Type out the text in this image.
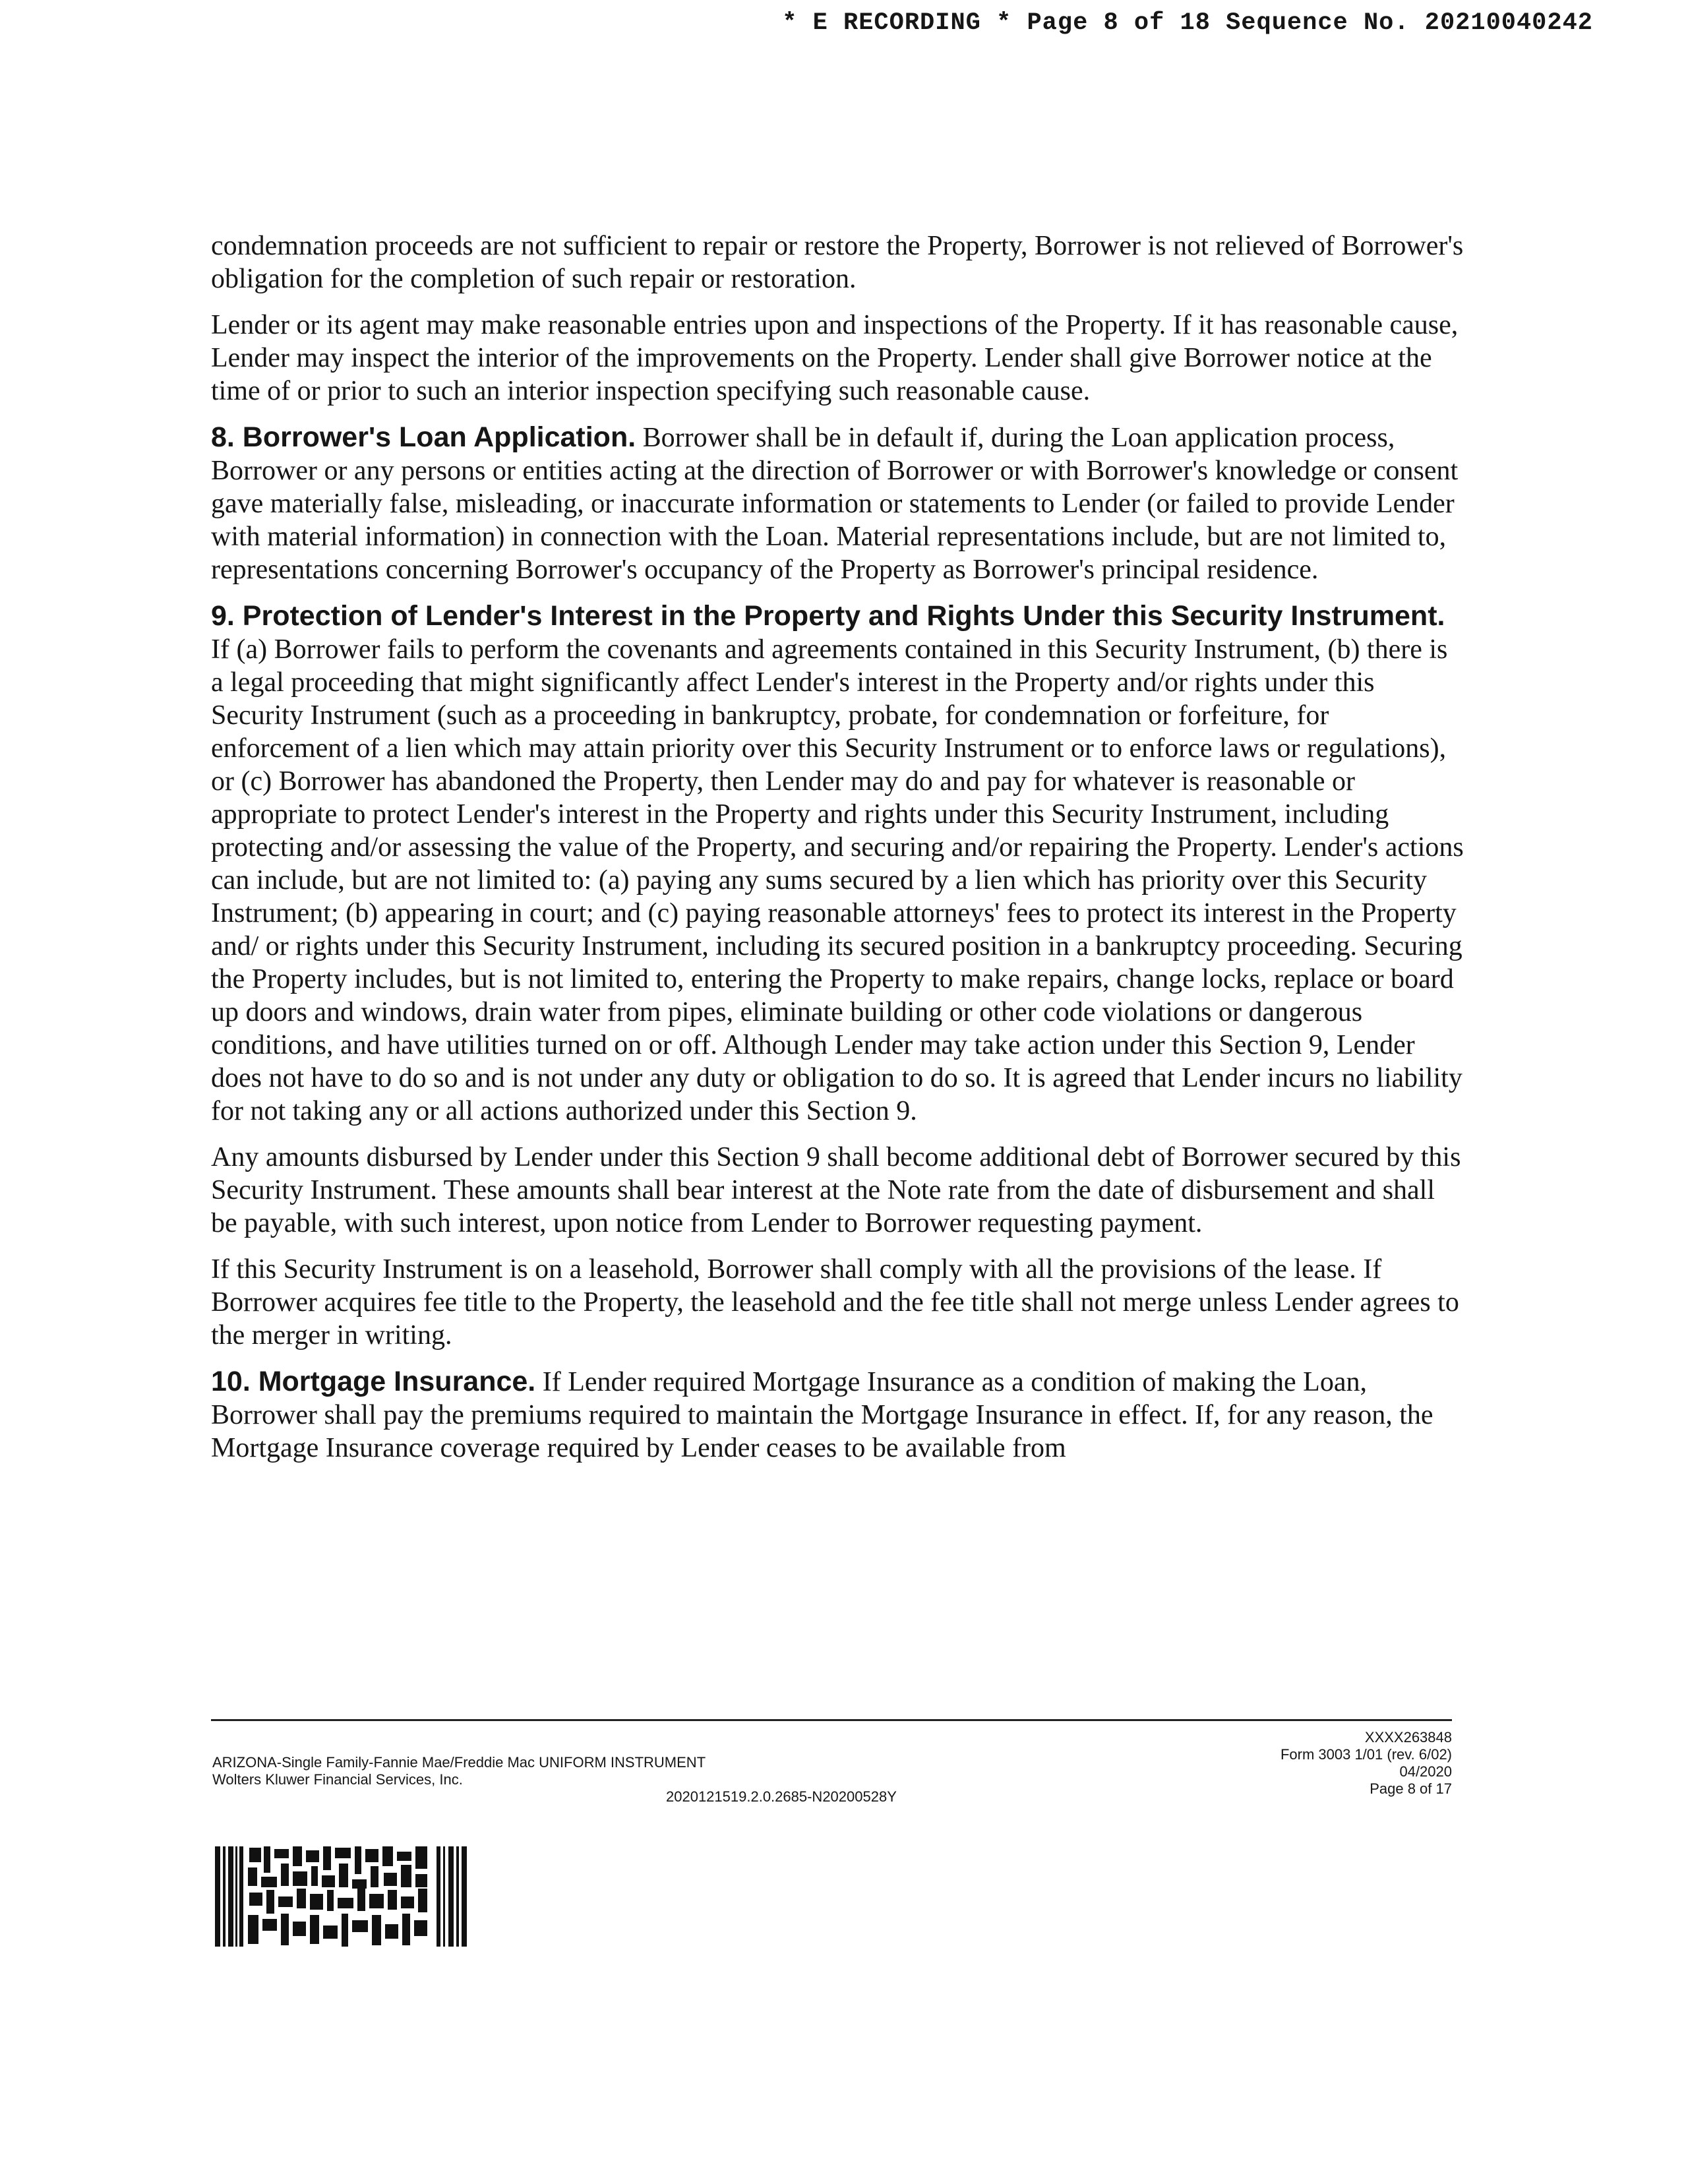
* E RECORDING * Page 8 of 18 Sequence No. 20210040242

condemnation proceeds are not sufficient to repair or restore the Property, Borrower is not relieved of Borrower's obligation for the completion of such repair or restoration.

Lender or its agent may make reasonable entries upon and inspections of the Property. If it has reasonable cause, Lender may inspect the interior of the improvements on the Property. Lender shall give Borrower notice at the time of or prior to such an interior inspection specifying such reasonable cause.

8. Borrower's Loan Application. Borrower shall be in default if, during the Loan application process, Borrower or any persons or entities acting at the direction of Borrower or with Borrower's knowledge or consent gave materially false, misleading, or inaccurate information or statements to Lender (or failed to provide Lender with material information) in connection with the Loan. Material representations include, but are not limited to, representations concerning Borrower's occupancy of the Property as Borrower's principal residence.

9. Protection of Lender's Interest in the Property and Rights Under this Security Instrument. If (a) Borrower fails to perform the covenants and agreements contained in this Security Instrument, (b) there is a legal proceeding that might significantly affect Lender's interest in the Property and/or rights under this Security Instrument (such as a proceeding in bankruptcy, probate, for condemnation or forfeiture, for enforcement of a lien which may attain priority over this Security Instrument or to enforce laws or regulations), or (c) Borrower has abandoned the Property, then Lender may do and pay for whatever is reasonable or appropriate to protect Lender's interest in the Property and rights under this Security Instrument, including protecting and/or assessing the value of the Property, and securing and/or repairing the Property. Lender's actions can include, but are not limited to: (a) paying any sums secured by a lien which has priority over this Security Instrument; (b) appearing in court; and (c) paying reasonable attorneys' fees to protect its interest in the Property and/ or rights under this Security Instrument, including its secured position in a bankruptcy proceeding. Securing the Property includes, but is not limited to, entering the Property to make repairs, change locks, replace or board up doors and windows, drain water from pipes, eliminate building or other code violations or dangerous conditions, and have utilities turned on or off. Although Lender may take action under this Section 9, Lender does not have to do so and is not under any duty or obligation to do so. It is agreed that Lender incurs no liability for not taking any or all actions authorized under this Section 9.

Any amounts disbursed by Lender under this Section 9 shall become additional debt of Borrower secured by this Security Instrument. These amounts shall bear interest at the Note rate from the date of disbursement and shall be payable, with such interest, upon notice from Lender to Borrower requesting payment.

If this Security Instrument is on a leasehold, Borrower shall comply with all the provisions of the lease. If Borrower acquires fee title to the Property, the leasehold and the fee title shall not merge unless Lender agrees to the merger in writing.

10. Mortgage Insurance. If Lender required Mortgage Insurance as a condition of making the Loan, Borrower shall pay the premiums required to maintain the Mortgage Insurance in effect. If, for any reason, the Mortgage Insurance coverage required by Lender ceases to be available from

ARIZONA-Single Family-Fannie Mae/Freddie Mac UNIFORM INSTRUMENT
Wolters Kluwer Financial Services, Inc.
2020121519.2.0.2685-N20200528Y
XXXX263848
Form 3003 1/01 (rev. 6/02)
04/2020
Page 8 of 17
